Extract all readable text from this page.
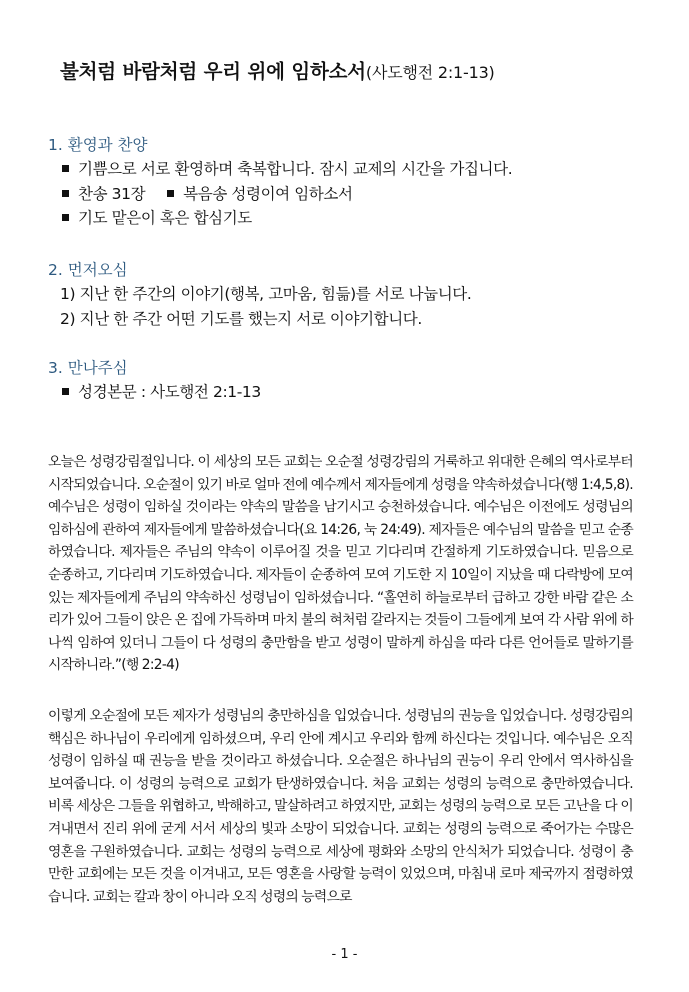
불처럼 바람처럼 우리 위에 임하소서(사도행전 2:1-13)
1. 환영과 찬양
기쁨으로 서로 환영하며 축복합니다. 잠시 교제의 시간을 가집니다.
찬송 31장 복음송 성령이여 임하소서
기도 맡은이 혹은 합심기도
2. 먼저오심
1) 지난 한 주간의 이야기(행복, 고마움, 힘듦)를 서로 나눕니다.
2) 지난 한 주간 어떤 기도를 했는지 서로 이야기합니다.
3. 만나주심
성경본문 : 사도행전 2:1-13

오늘은 성령강림절입니다. 이 세상의 모든 교회는 오순절 성령강림의 거룩하고 위대한 은혜의 역사로부터 시작되었습니다. 오순절이 있기 바로 얼마 전에 예수께서 제자들에게 성령을 약속하셨습니다(행 1:4,5,8). 예수님은 성령이 임하실 것이라는 약속의 말씀을 남기시고 승천하셨습니다. 예수님은 이전에도 성령님의 임하심에 관하여 제자들에게 말씀하셨습니다(요 14:26, 눅 24:49). 제자들은 예수님의 말씀을 믿고 순종하였습니다. 제자들은 주님의 약속이 이루어질 것을 믿고 기다리며 간절하게 기도하였습니다. 믿음으로 순종하고, 기다리며 기도하였습니다. 제자들이 순종하여 모여 기도한 지 10일이 지났을 때 다락방에 모여 있는 제자들에게 주님의 약속하신 성령님이 임하셨습니다. “홀연히 하늘로부터 급하고 강한 바람 같은 소리가 있어 그들이 앉은 온 집에 가득하며 마치 불의 혀처럼 갈라지는 것들이 그들에게 보여 각 사람 위에 하나씩 임하여 있더니 그들이 다 성령의 충만함을 받고 성령이 말하게 하심을 따라 다른 언어들로 말하기를 시작하니라.”(행 2:2-4)

이렇게 오순절에 모든 제자가 성령님의 충만하심을 입었습니다. 성령님의 권능을 입었습니다. 성령강림의 핵심은 하나님이 우리에게 임하셨으며, 우리 안에 계시고 우리와 함께 하신다는 것입니다. 예수님은 오직 성령이 임하실 때 권능을 받을 것이라고 하셨습니다. 오순절은 하나님의 권능이 우리 안에서 역사하심을 보여줍니다. 이 성령의 능력으로 교회가 탄생하였습니다. 처음 교회는 성령의 능력으로 충만하였습니다. 비록 세상은 그들을 위협하고, 박해하고, 말살하려고 하였지만, 교회는 성령의 능력으로 모든 고난을 다 이겨내면서 진리 위에 굳게 서서 세상의 빛과 소망이 되었습니다. 교회는 성령의 능력으로 죽어가는 수많은 영혼을 구원하였습니다. 교회는 성령의 능력으로 세상에 평화와 소망의 안식처가 되었습니다. 성령이 충만한 교회에는 모든 것을 이겨내고, 모든 영혼을 사랑할 능력이 있었으며, 마침내 로마 제국까지 점령하였습니다. 교회는 칼과 창이 아니라 오직 성령의 능력으로

- 1 -
